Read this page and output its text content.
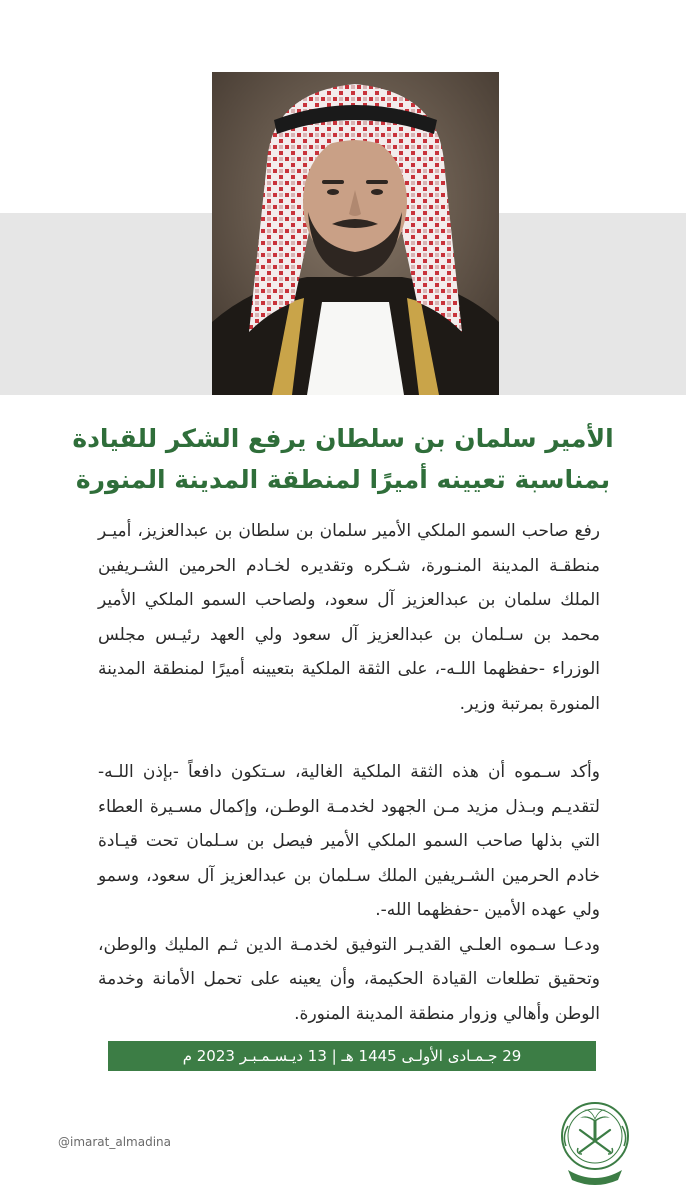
الأمير سلمان بن سلطان يرفع الشكر للقيادة
بمناسبة تعيينه أميرًا لمنطقة المدينة المنورة

رفع صاحب السمو الملكي الأمير سلمان بن سلطان بن عبدالعزيز، أميـر منطقـة المدينة المنـورة، شـكره وتقديره لخـادم الحرمين الشـريفين الملك سلمان بن عبدالعزيز آل سعود، ولصاحب السمو الملكي الأمير محمد بن سـلمان بن عبدالعزيز آل سعود ولي العهد رئيـس مجلس الوزراء -حفظهما اللـه-، على الثقة الملكية بتعيينه أميرًا لمنطقة المدينة المنورة بمرتبة وزير.

وأكد سـموه أن هذه الثقة الملكية الغالية، سـتكون دافعاً -بإذن اللـه- لتقديـم وبـذل مزيد مـن الجهود لخدمـة الوطـن، وإكمال مسـيرة العطاء التي بذلها صاحب السمو الملكي الأمير فيصل بن سـلمان تحت قيـادة خادم الحرمين الشـريفين الملك سـلمان بن عبدالعزيز آل سعود، وسمو ولي عهده الأمين -حفظهما الله-.

ودعـا سـموه العلـي القديـر التوفيق لخدمـة الدين ثـم المليك والوطن، وتحقيق تطلعات القيادة الحكيمة، وأن يعينه على تحمل الأمانة وخدمة الوطن وأهالي وزوار منطقة المدينة المنورة.

29 جـمـادى الأولـى 1445 هـ | 13 ديـسـمـبـر 2023 م
@imarat_almadina
